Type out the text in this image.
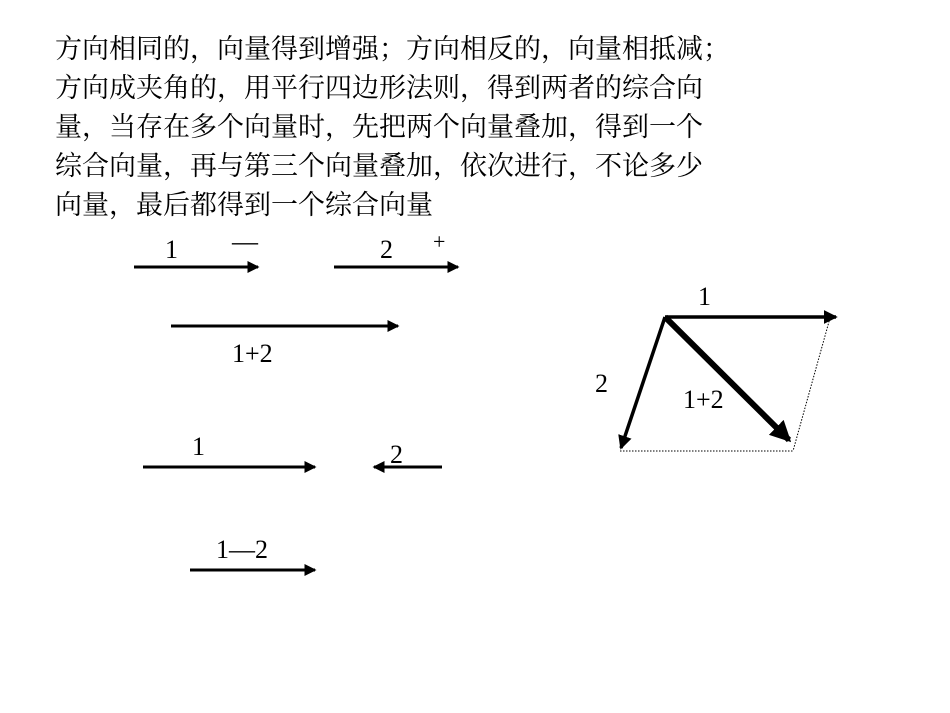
方向相同的，向量得到增强；方向相反的，向量相抵减；
方向成夹角的，用平行四边形法则，得到两者的综合向
量，当存在多个向量时，先把两个向量叠加，得到一个
综合向量，再与第三个向量叠加，依次进行，不论多少
向量，最后都得到一个综合向量
1 —	2 +
1+2
1	2
1—2
1
2
1+2
